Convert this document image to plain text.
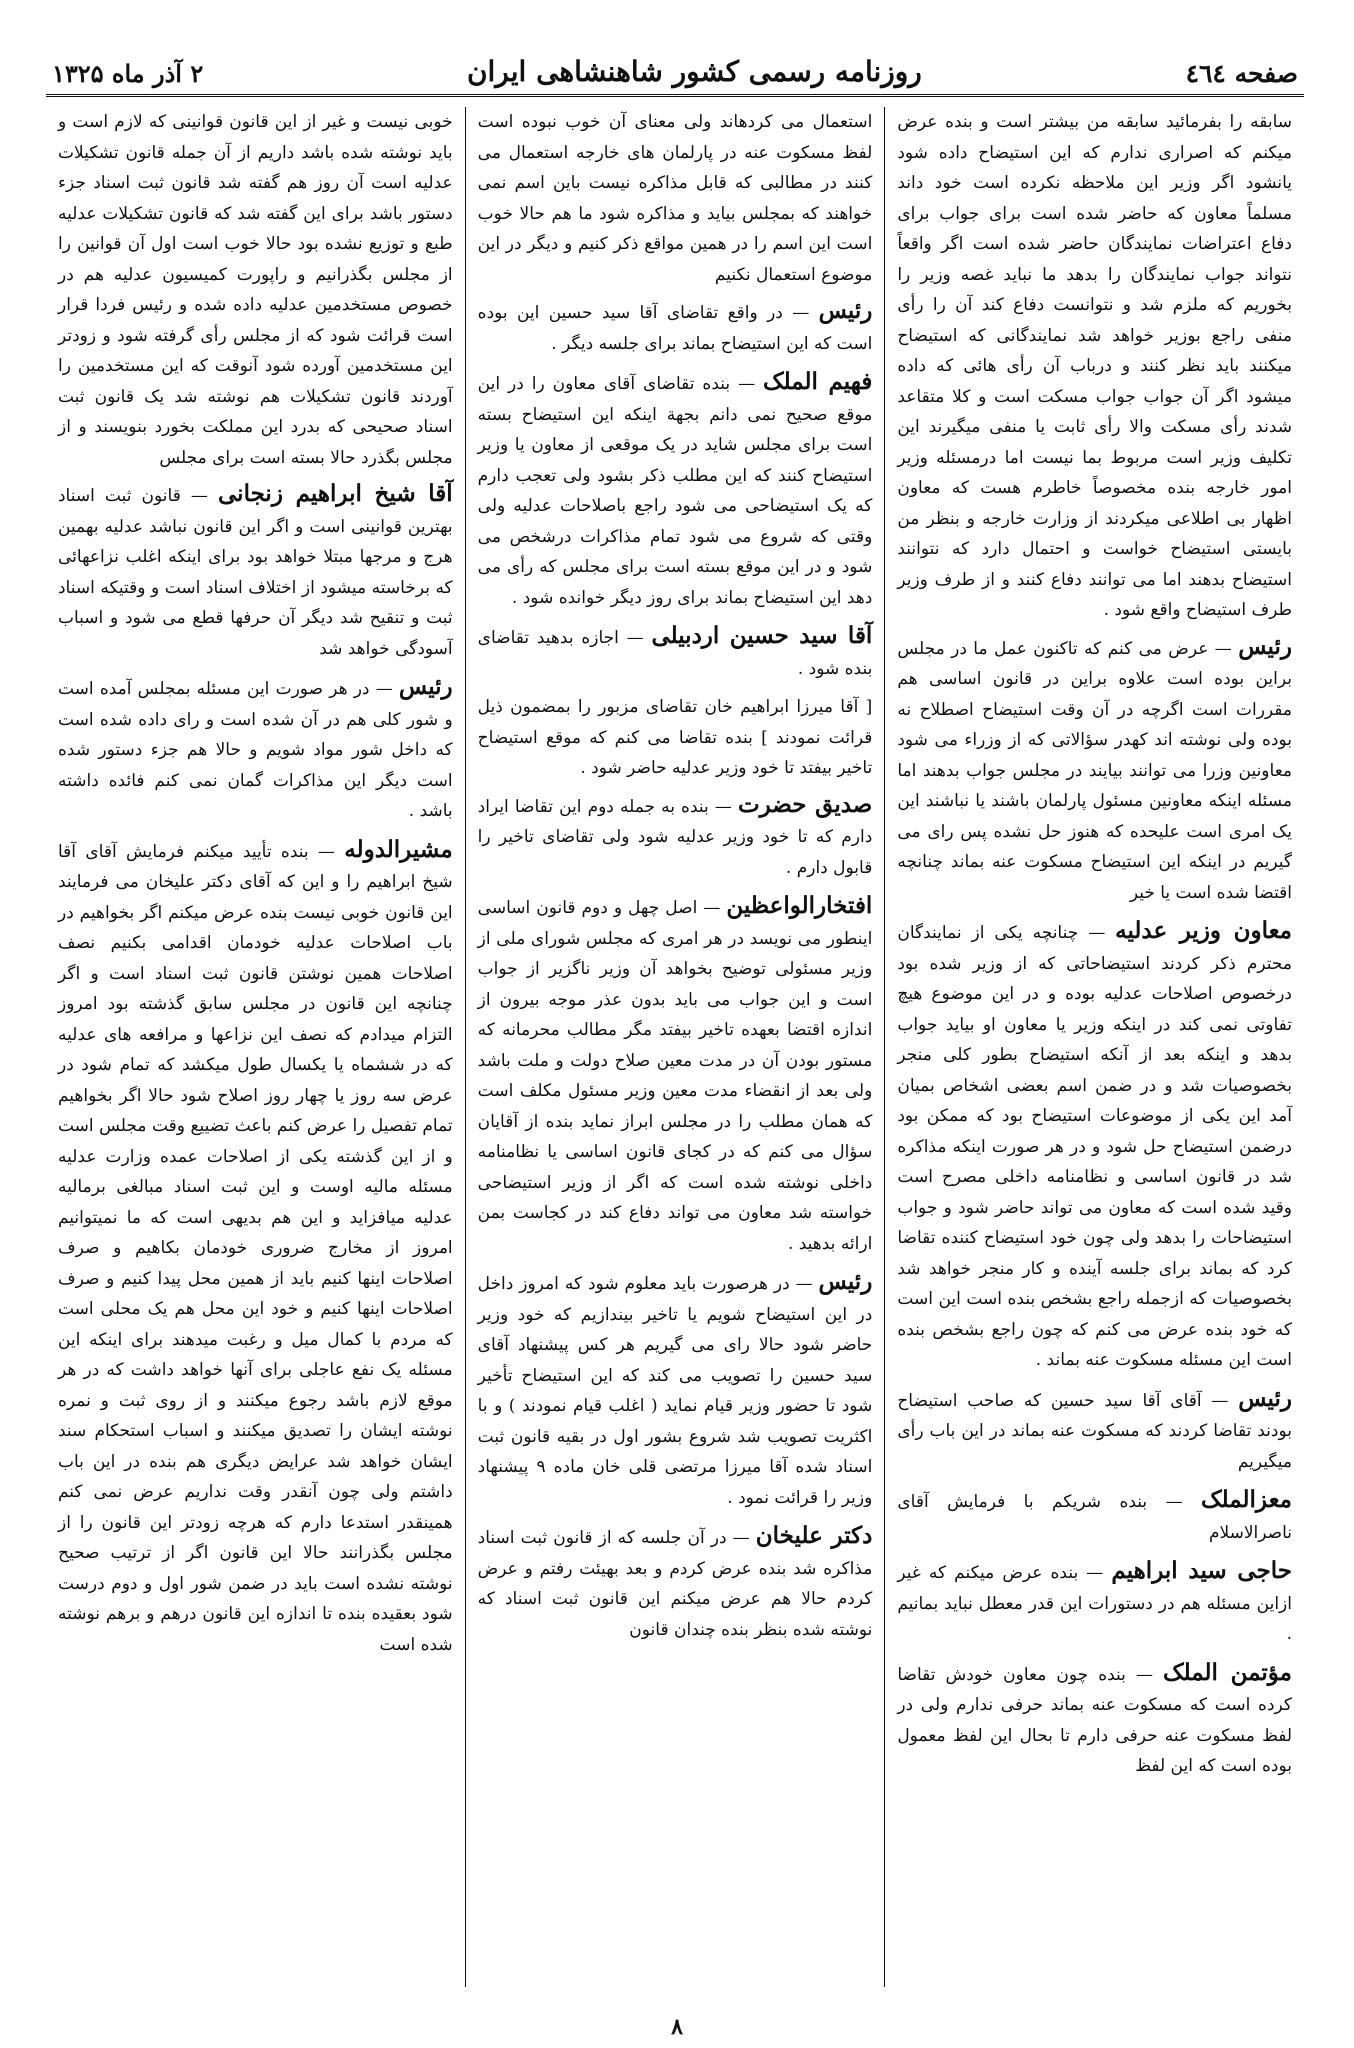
صفحه ٤٦٤
روزنامه رسمی کشور شاهنشاهی ایران
۲ آذر ماه ۱۳۲۵

سابقه را بفرمائید سابقه من بیشتر است و بنده عرض میکنم که اصراری ندارم که این استیضاح داده شود یانشود اگر وزیر این ملاحظه نکرده است خود داند مسلماً معاون که حاضر شده است برای جواب برای دفاع اعتراضات نمایندگان حاضر شده است اگر واقعاً نتواند جواب نمایندگان را بدهد ما نباید غصه وزیر را بخوریم که ملزم شد و نتوانست دفاع کند آن را رأی منفی راجع بوزیر خواهد شد نمایندگانی که استیضاح میکنند باید نظر کنند و درباب آن رأی هائی که داده میشود اگر آن جواب جواب مسکت است و کلا متقاعد شدند رأی مسکت والا رأی ثابت یا منفی میگیرند این تکلیف وزیر است مربوط بما نیست اما درمسئله وزیر امور خارجه بنده مخصوصاً خاطرم هست که معاون اظهار بی اطلاعی میکردند از وزارت خارجه و بنظر من بایستی استیضاح خواست و احتمال دارد که نتوانند استیضاح بدهند اما می توانند دفاع کنند و از طرف وزیر طرف استیضاح واقع شود .

رئیس — عرض می کنم که تاکنون عمل ما در مجلس براین بوده است علاوه براین در قانون اساسی هم مقررات است اگرچه در آن وقت استیضاح اصطلاح نه بوده ولی نوشته اند کهدر سؤالاتی که از وزراء می شود معاونین وزرا می توانند بیایند در مجلس جواب بدهند اما مسئله اینکه معاونین مسئول پارلمان باشند یا نباشند این یک امری است علیحده که هنوز حل نشده پس رای می گیریم در اینکه این استیضاح مسکوت عنه بماند چنانچه اقتضا شده است یا خیر

معاون وزیر عدلیه — چنانچه یکی از نمایندگان محترم ذکر کردند استیضاحاتی که از وزیر شده بود درخصوص اصلاحات عدلیه بوده و در این موضوع هیچ تفاوتی نمی کند در اینکه وزیر یا معاون او بیاید جواب بدهد و اینکه بعد از آنکه استیضاح بطور کلی منجر بخصوصیات شد و در ضمن اسم بعضی اشخاص بمیان آمد این یکی از موضوعات استیضاح بود که ممکن بود درضمن استیضاح حل شود و در هر صورت اینکه مذاکره شد در قانون اساسی و نظامنامه داخلی مصرح است وقید شده است که معاون می تواند حاضر شود و جواب استیضاحات را بدهد ولی چون خود استیضاح کننده تقاضا کرد که بماند برای جلسه آینده و کار منجر خواهد شد بخصوصیات که ازجمله راجع بشخص بنده است این است که خود بنده عرض می کنم که چون راجع بشخص بنده است این مسئله مسکوت عنه بماند .

رئیس — آقای آقا سید حسین که صاحب استیضاح بودند تقاضا کردند که مسکوت عنه بماند در این باب رأی میگیریم

معزالملک — بنده شریکم با فرمایش آقای ناصرالاسلام

حاجی سید ابراهیم — بنده عرض میکنم که غیر ازاین مسئله هم در دستورات این قدر معطل نباید بمانیم .

مؤتمن الملک — بنده چون معاون خودش تقاضا کرده است که مسکوت عنه بماند حرفی ندارم ولی در لفظ مسکوت عنه حرفی دارم تا بحال این لفظ معمول بوده است که این لفظ

استعمال می کردهاند ولی معنای آن خوب نبوده است لفظ مسکوت عنه در پارلمان های خارجه استعمال می کنند در مطالبی که قابل مذاکره نیست باین اسم نمی خواهند که بمجلس بیاید و مذاکره شود ما هم حالا خوب است این اسم را در همین مواقع ذکر کنیم و دیگر در این موضوع استعمال نکنیم

رئیس — در واقع تقاضای آقا سید حسین این بوده است که این استیضاح بماند برای جلسه دیگر .

فهیم الملک — بنده تقاضای آقای معاون را در این موقع صحیح نمی دانم بجهة اینکه این استیضاح بسته است برای مجلس شاید در یک موقعی از معاون یا وزیر استیضاح کنند که این مطلب ذکر بشود ولی تعجب دارم که یک استیضاحی می شود راجع باصلاحات عدلیه ولی وقتی که شروع می شود تمام مذاکرات درشخص می شود و در این موقع بسته است برای مجلس که رأی می دهد این استیضاح بماند برای روز دیگر خوانده شود .

آقا سید حسین اردبیلی — اجازه بدهید تقاضای بنده شود .

[ آقا میرزا ابراهیم خان تقاضای مزبور را بمضمون ذیل قرائت نمودند ] بنده تقاضا می کنم که موقع استیضاح تاخیر بیفتد تا خود وزیر عدلیه حاضر شود .

صدیق حضرت — بنده به جمله دوم این تقاضا ایراد دارم که تا خود وزیر عدلیه شود ولی تقاضای تاخیر را قابول دارم .

افتخارالواعظین — اصل چهل و دوم قانون اساسی اینطور می نویسد در هر امری که مجلس شورای ملی از وزیر مسئولی توضیح بخواهد آن وزیر ناگزیر از جواب است و این جواب می باید بدون عذر موجه بیرون از اندازه اقتضا بعهده تاخیر بیفتد مگر مطالب محرمانه که مستور بودن آن در مدت معین صلاح دولت و ملت باشد ولی بعد از انقضاء مدت معین وزیر مسئول مکلف است که همان مطلب را در مجلس ابراز نماید بنده از آقایان سؤال می کنم که در کجای قانون اساسی یا نظامنامه داخلی نوشته شده است که اگر از وزیر استیضاحی خواسته شد معاون می تواند دفاع کند در کجاست بمن ارائه بدهید .

رئیس — در هرصورت باید معلوم شود که امروز داخل در این استیضاح شویم یا تاخیر بیندازیم که خود وزیر حاضر شود حالا رای می گیریم هر کس پیشنهاد آقای سید حسین را تصویب می کند که این استیضاح تأخیر شود تا حضور وزیر قیام نماید ( اغلب قیام نمودند ) و با اکثریت تصویب شد شروع بشور اول در بقیه قانون ثبت اسناد شده آقا میرزا مرتضی قلی خان ماده ۹ پیشنهاد وزیر را قرائت نمود .

دکتر علیخان — در آن جلسه که از قانون ثبت اسناد مذاکره شد بنده عرض کردم و بعد بهیئت رفتم و عرض کردم حالا هم عرض میکنم این قانون ثبت اسناد که نوشته شده بنظر بنده چندان قانون

خوبی نیست و غیر از این قانون قوانینی که لازم است و باید نوشته شده باشد داریم از آن جمله قانون تشکیلات عدلیه است آن روز هم گفته شد قانون ثبت اسناد جزء دستور باشد برای این گفته شد که قانون تشکیلات عدلیه طبع و توزیع نشده بود حالا خوب است اول آن قوانین را از مجلس بگذرانیم و راپورت کمیسیون عدلیه هم در خصوص مستخدمین عدلیه داده شده و رئیس فردا قرار است قرائت شود که از مجلس رأی گرفته شود و زودتر این مستخدمین آورده شود آنوقت که این مستخدمین را آوردند قانون تشکیلات هم نوشته شد یک قانون ثبت اسناد صحیحی که بدرد این مملکت بخورد بنویسند و از مجلس بگذرد حالا بسته است برای مجلس

آقا شیخ ابراهیم زنجانی — قانون ثبت اسناد بهترین قوانینی است و اگر این قانون نباشد عدلیه بهمین هرج و مرجها مبتلا خواهد بود برای اینکه اغلب نزاعهائی که برخاسته میشود از اختلاف اسناد است و وقتیکه اسناد ثبت و تنقیح شد دیگر آن حرفها قطع می شود و اسباب آسودگی خواهد شد

رئیس — در هر صورت این مسئله بمجلس آمده است و شور کلی هم در آن شده است و رای داده شده است که داخل شور مواد شویم و حالا هم جزء دستور شده است دیگر این مذاکرات گمان نمی کنم فائده داشته باشد .

مشیرالدوله — بنده تأیید میکنم فرمایش آقای آقا شیخ ابراهیم را و این که آقای دکتر علیخان می فرمایند این قانون خوبی نیست بنده عرض میکنم اگر بخواهیم در باب اصلاحات عدلیه خودمان اقدامی بکنیم نصف اصلاحات همین نوشتن قانون ثبت اسناد است و اگر چنانچه این قانون در مجلس سابق گذشته بود امروز التزام میدادم که نصف این نزاعها و مرافعه های عدلیه که در ششماه یا یکسال طول میکشد که تمام شود در عرض سه روز یا چهار روز اصلاح شود حالا اگر بخواهیم تمام تفصیل را عرض کنم باعث تضییع وقت مجلس است و از این گذشته یکی از اصلاحات عمده وزارت عدلیه مسئله مالیه اوست و این ثبت اسناد مبالغی برمالیه عدلیه میافزاید و این هم بدیهی است که ما نمیتوانیم امروز از مخارج ضروری خودمان بکاهیم و صرف اصلاحات اینها کنیم باید از همین محل پیدا کنیم و صرف اصلاحات اینها کنیم و خود این محل هم یک محلی است که مردم با کمال میل و رغبت میدهند برای اینکه این مسئله یک نفع عاجلی برای آنها خواهد داشت که در هر موقع لازم باشد رجوع میکنند و از روی ثبت و نمره نوشته ایشان را تصدیق میکنند و اسباب استحکام سند ایشان خواهد شد عرایض دیگری هم بنده در این باب داشتم ولی چون آنقدر وقت نداریم عرض نمی کنم همینقدر استدعا دارم که هرچه زودتر این قانون را از مجلس بگذرانند حالا این قانون اگر از ترتیب صحیح نوشته نشده است باید در ضمن شور اول و دوم درست شود بعقیده بنده تا اندازه این قانون درهم و برهم نوشته شده است

۸
